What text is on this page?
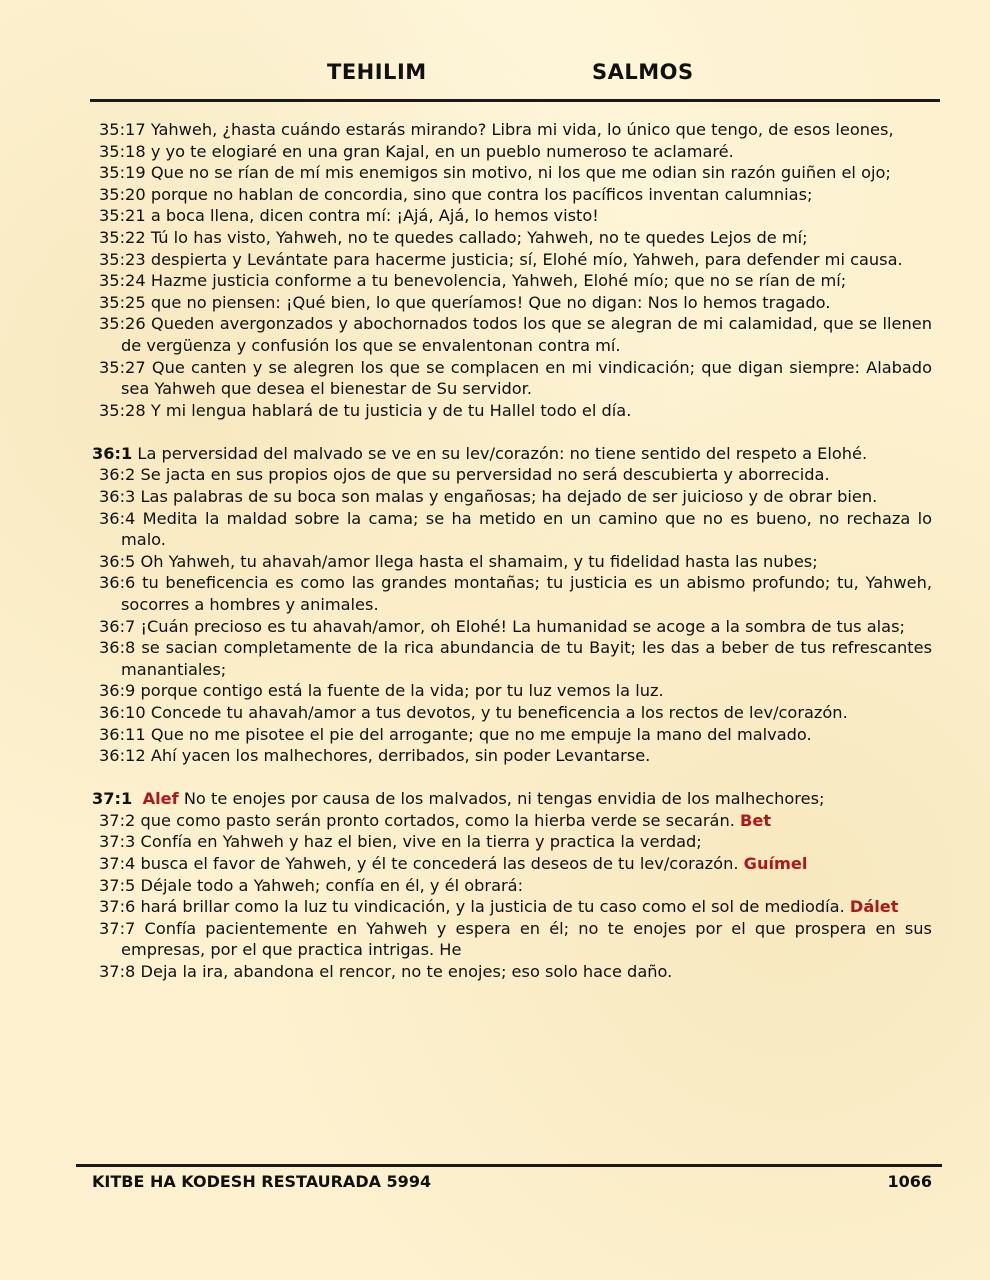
TEHILIM	SALMOS

35:17 Yahweh, ¿hasta cuándo estarás mirando? Libra mi vida, lo único que tengo, de esos leones,

35:18 y yo te elogiaré en una gran Kajal, en un pueblo numeroso te aclamaré.

35:19 Que no se rían de mí mis enemigos sin motivo, ni los que me odian sin razón guiñen el ojo;

35:20 porque no hablan de concordia, sino que contra los pacíficos inventan calumnias;

35:21 a boca llena, dicen contra mí: ¡Ajá, Ajá, lo hemos visto!

35:22 Tú lo has visto, Yahweh, no te quedes callado; Yahweh, no te quedes Lejos de mí;

35:23 despierta y Levántate para hacerme justicia; sí, Elohé mío, Yahweh, para defender mi causa.

35:24 Hazme justicia conforme a tu benevolencia, Yahweh, Elohé mío; que no se rían de mí;

35:25 que no piensen: ¡Qué bien, lo que queríamos! Que no digan: Nos lo hemos tragado.

35:26 Queden avergonzados y abochornados todos los que se alegran de mi calamidad, que se llenen de vergüenza y confusión los que se envalentonan contra mí.

35:27 Que canten y se alegren los que se complacen en mi vindicación; que digan siempre: Alabado sea Yahweh que desea el bienestar de Su servidor.

35:28 Y mi lengua hablará de tu justicia y de tu Hallel todo el día.

36:1 La perversidad del malvado se ve en su lev/corazón: no tiene sentido del respeto a Elohé.

36:2 Se jacta en sus propios ojos de que su perversidad no será descubierta y aborrecida.

36:3 Las palabras de su boca son malas y engañosas; ha dejado de ser juicioso y de obrar bien.

36:4 Medita la maldad sobre la cama; se ha metido en un camino que no es bueno, no rechaza lo malo.

36:5 Oh Yahweh, tu ahavah/amor llega hasta el shamaim, y tu fidelidad hasta las nubes;

36:6 tu beneficencia es como las grandes montañas; tu justicia es un abismo profundo; tu, Yahweh, socorres a hombres y animales.

36:7 ¡Cuán precioso es tu ahavah/amor, oh Elohé! La humanidad se acoge a la sombra de tus alas;

36:8 se sacian completamente de la rica abundancia de tu Bayit; les das a beber de tus refrescantes manantiales;

36:9 porque contigo está la fuente de la vida; por tu luz vemos la luz.

36:10 Concede tu ahavah/amor a tus devotos, y tu beneficencia a los rectos de lev/corazón.

36:11 Que no me pisotee el pie del arrogante; que no me empuje la mano del malvado.

36:12 Ahí yacen los malhechores, derribados, sin poder Levantarse.

37:1 Alef No te enojes por causa de los malvados, ni tengas envidia de los malhechores;

37:2 que como pasto serán pronto cortados, como la hierba verde se secarán. Bet

37:3 Confía en Yahweh y haz el bien, vive en la tierra y practica la verdad;

37:4 busca el favor de Yahweh, y él te concederá las deseos de tu lev/corazón. Guímel

37:5 Déjale todo a Yahweh; confía en él, y él obrará:

37:6 hará brillar como la luz tu vindicación, y la justicia de tu caso como el sol de mediodía. Dálet

37:7 Confía pacientemente en Yahweh y espera en él; no te enojes por el que prospera en sus empresas, por el que practica intrigas. He

37:8 Deja la ira, abandona el rencor, no te enojes; eso solo hace daño.

KITBE HA KODESH RESTAURADA 5994	1066
